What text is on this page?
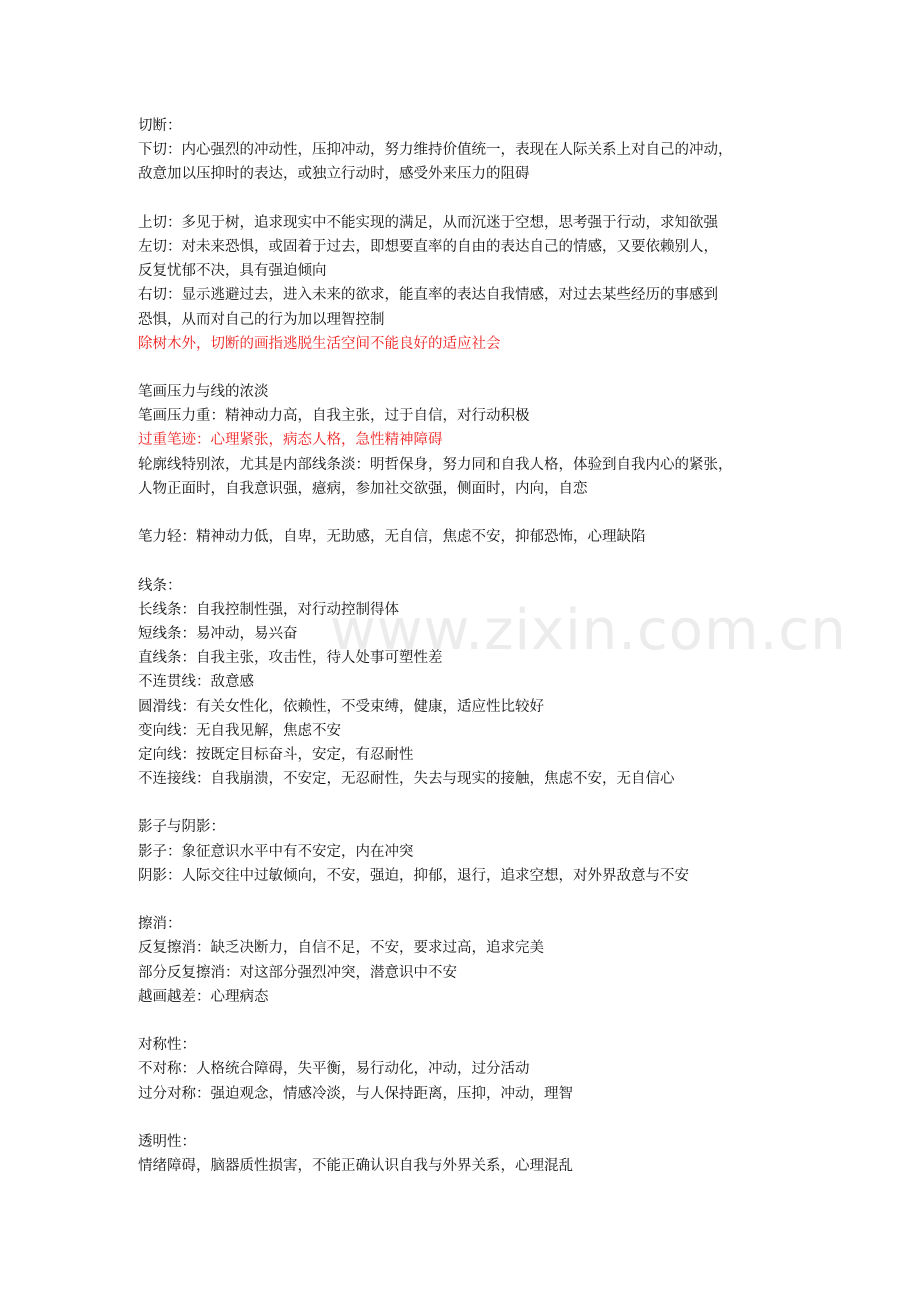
www.zixin.com.cn
切断：
下切：内心强烈的冲动性，压抑冲动，努力维持价值统一，表现在人际关系上对自己的冲动，
敌意加以压抑时的表达，或独立行动时，感受外来压力的阻碍
上切：多见于树，追求现实中不能实现的满足，从而沉迷于空想，思考强于行动，求知欲强
左切：对未来恐惧，或固着于过去，即想要直率的自由的表达自己的情感，又要依赖别人，
反复忧郁不决，具有强迫倾向
右切：显示逃避过去，进入未来的欲求，能直率的表达自我情感，对过去某些经历的事感到
恐惧，从而对自己的行为加以理智控制
除树木外，切断的画指逃脱生活空间不能良好的适应社会
笔画压力与线的浓淡
笔画压力重：精神动力高，自我主张，过于自信，对行动积极
过重笔迹：心理紧张，病态人格，急性精神障碍
轮廓线特别浓，尤其是内部线条淡：明哲保身，努力同和自我人格，体验到自我内心的紧张，
人物正面时，自我意识强，癔病，参加社交欲强，侧面时，内向，自恋
笔力轻：精神动力低，自卑，无助感，无自信，焦虑不安，抑郁恐怖，心理缺陷
线条：
长线条：自我控制性强，对行动控制得体
短线条：易冲动，易兴奋
直线条：自我主张，攻击性，待人处事可塑性差
不连贯线：敌意感
圆滑线：有关女性化，依赖性，不受束缚，健康，适应性比较好
变向线：无自我见解，焦虑不安
定向线：按既定目标奋斗，安定，有忍耐性
不连接线：自我崩溃，不安定，无忍耐性，失去与现实的接触，焦虑不安，无自信心
影子与阴影：
影子：象征意识水平中有不安定，内在冲突
阴影：人际交往中过敏倾向，不安，强迫，抑郁，退行，追求空想，对外界敌意与不安
擦消：
反复擦消：缺乏决断力，自信不足，不安，要求过高，追求完美
部分反复擦消：对这部分强烈冲突，潜意识中不安
越画越差：心理病态
对称性：
不对称：人格统合障碍，失平衡，易行动化，冲动，过分活动
过分对称：强迫观念，情感冷淡，与人保持距离，压抑，冲动，理智
透明性：
情绪障碍，脑器质性损害，不能正确认识自我与外界关系，心理混乱
